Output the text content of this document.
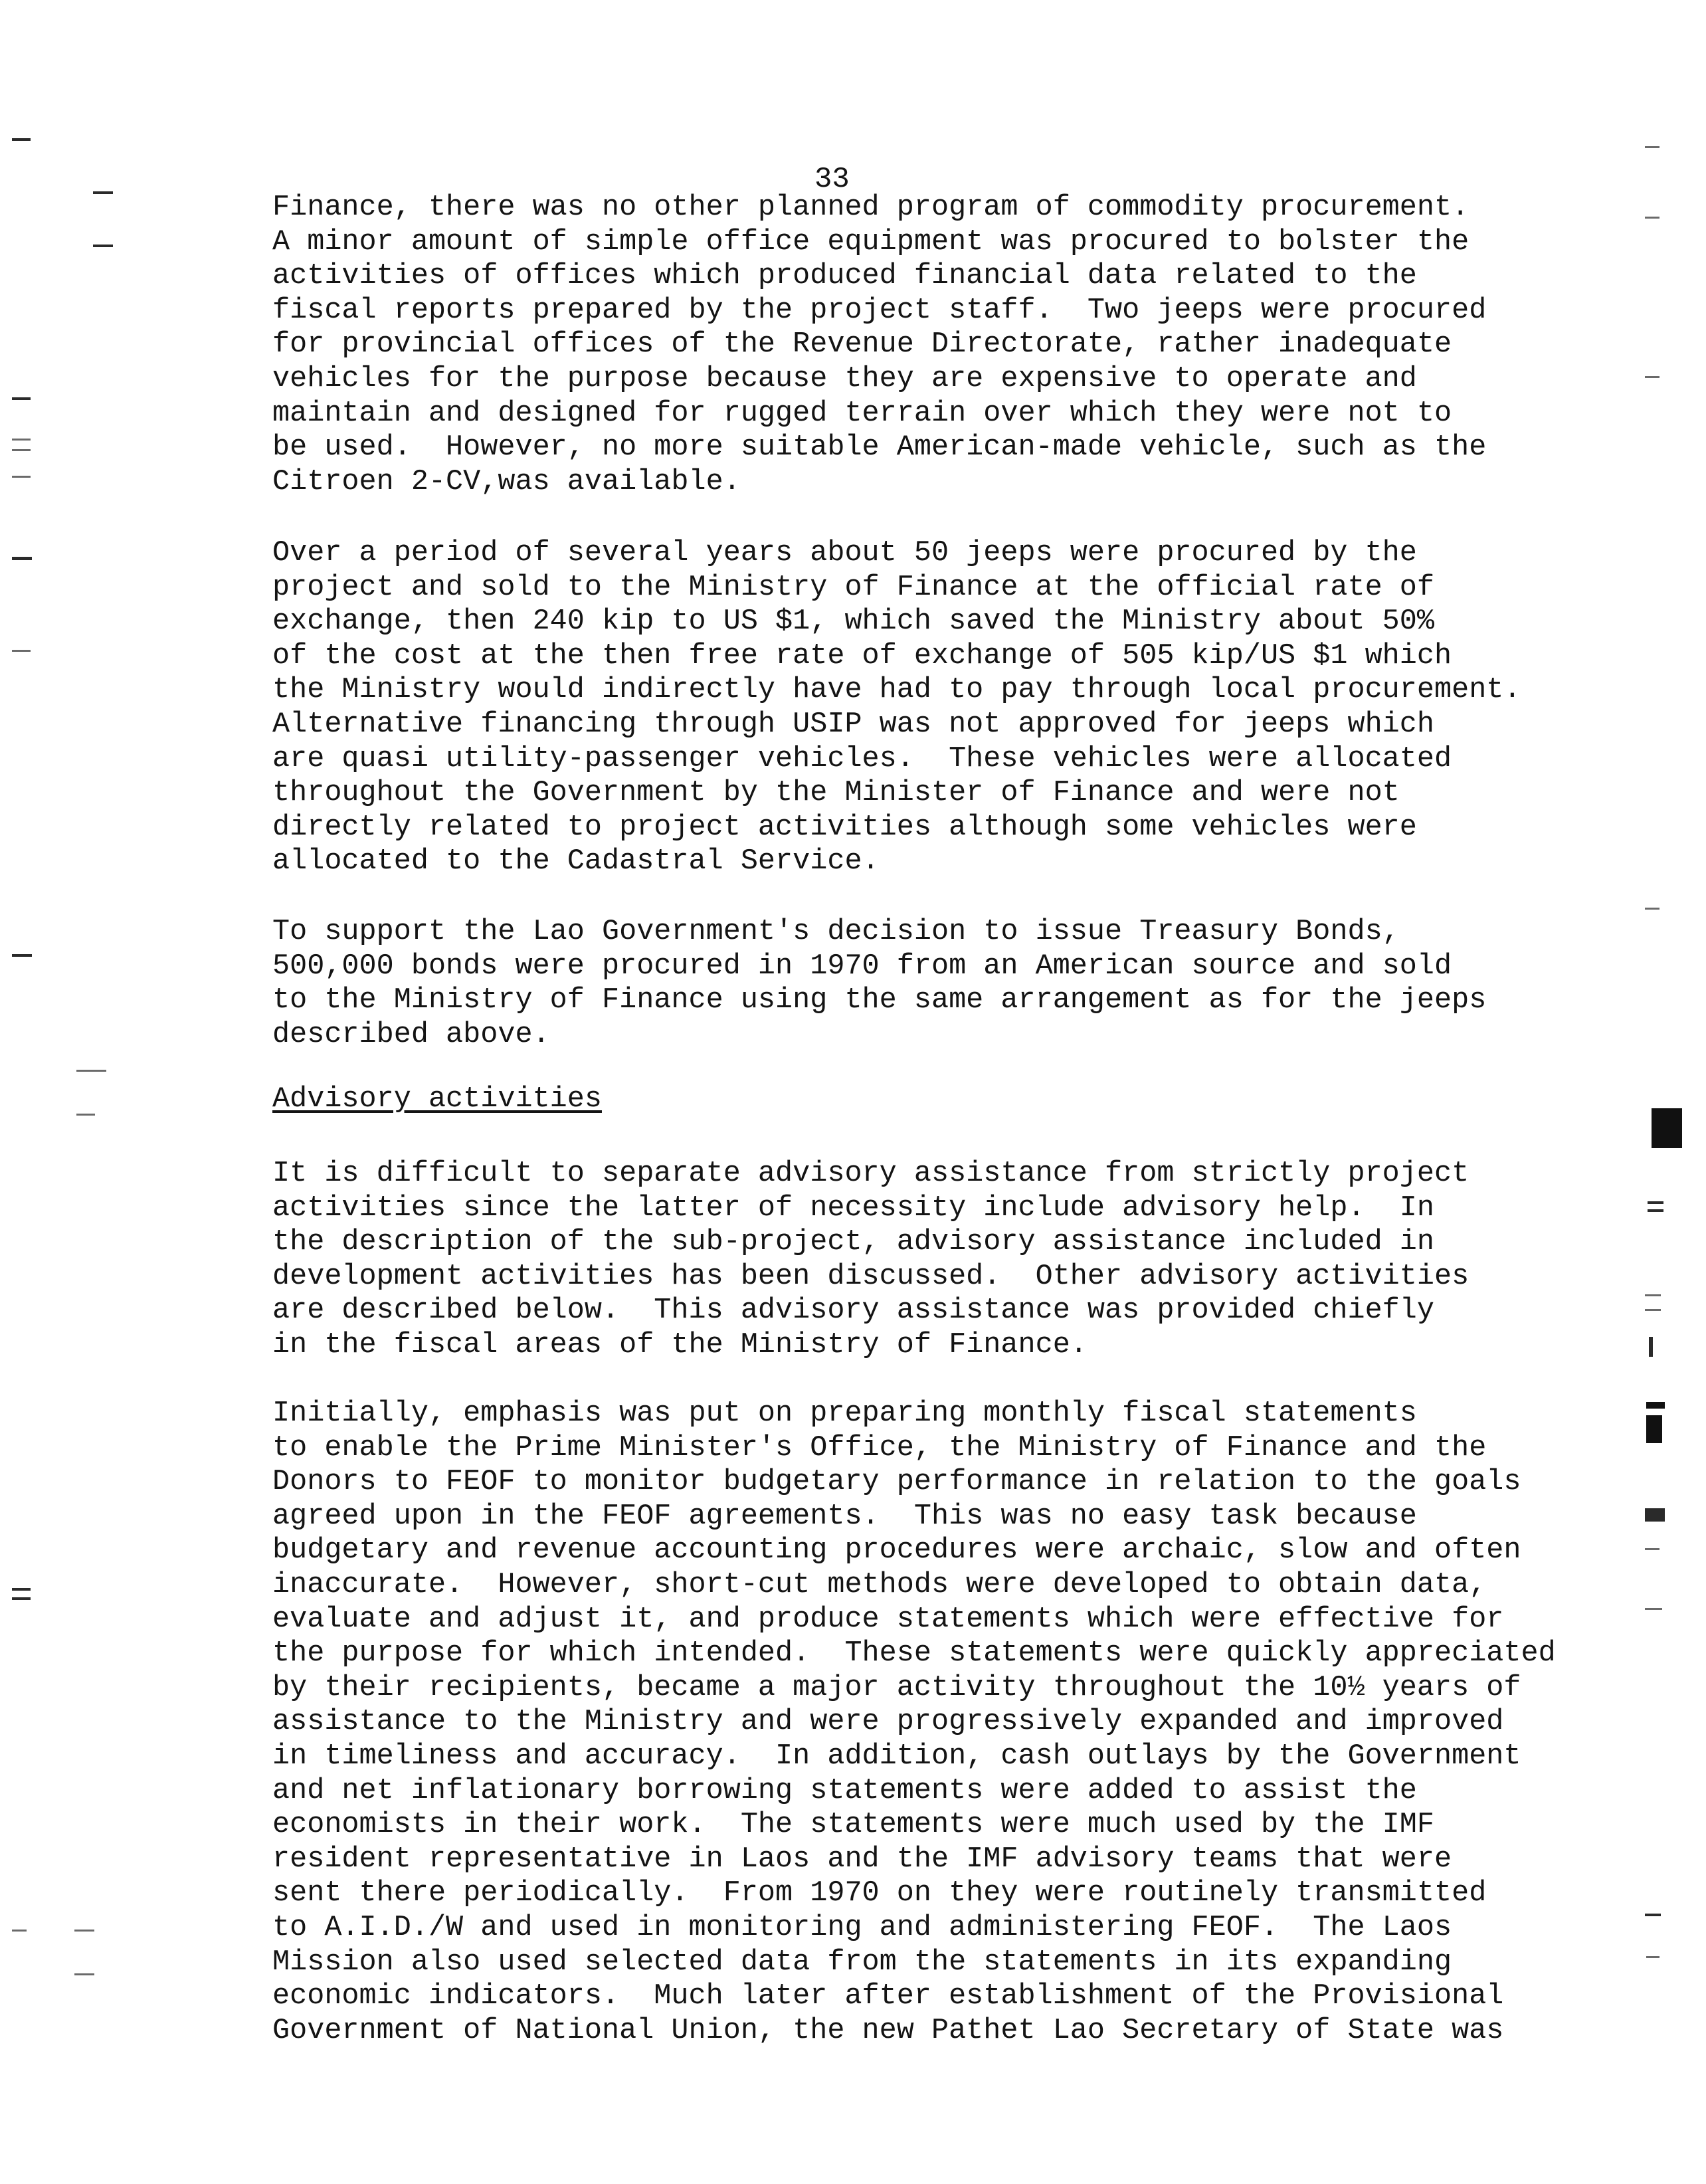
33
Finance, there was no other planned program of commodity procurement.
A minor amount of simple office equipment was procured to bolster the
activities of offices which produced financial data related to the
fiscal reports prepared by the project staff.  Two jeeps were procured
for provincial offices of the Revenue Directorate, rather inadequate
vehicles for the purpose because they are expensive to operate and
maintain and designed for rugged terrain over which they were not to
be used.  However, no more suitable American-made vehicle, such as the
Citroen 2-CV,was available.
Over a period of several years about 50 jeeps were procured by the
project and sold to the Ministry of Finance at the official rate of
exchange, then 240 kip to US $1, which saved the Ministry about 50%
of the cost at the then free rate of exchange of 505 kip/US $1 which
the Ministry would indirectly have had to pay through local procurement.
Alternative financing through USIP was not approved for jeeps which
are quasi utility-passenger vehicles.  These vehicles were allocated
throughout the Government by the Minister of Finance and were not
directly related to project activities although some vehicles were
allocated to the Cadastral Service.
To support the Lao Government's decision to issue Treasury Bonds,
500,000 bonds were procured in 1970 from an American source and sold
to the Ministry of Finance using the same arrangement as for the jeeps
described above.
Advisory activities
It is difficult to separate advisory assistance from strictly project
activities since the latter of necessity include advisory help.  In
the description of the sub-project, advisory assistance included in
development activities has been discussed.  Other advisory activities
are described below.  This advisory assistance was provided chiefly
in the fiscal areas of the Ministry of Finance.
Initially, emphasis was put on preparing monthly fiscal statements
to enable the Prime Minister's Office, the Ministry of Finance and the
Donors to FEOF to monitor budgetary performance in relation to the goals
agreed upon in the FEOF agreements.  This was no easy task because
budgetary and revenue accounting procedures were archaic, slow and often
inaccurate.  However, short-cut methods were developed to obtain data,
evaluate and adjust it, and produce statements which were effective for
the purpose for which intended.  These statements were quickly appreciated
by their recipients, became a major activity throughout the 10½ years of
assistance to the Ministry and were progressively expanded and improved
in timeliness and accuracy.  In addition, cash outlays by the Government
and net inflationary borrowing statements were added to assist the
economists in their work.  The statements were much used by the IMF
resident representative in Laos and the IMF advisory teams that were
sent there periodically.  From 1970 on they were routinely transmitted
to A.I.D./W and used in monitoring and administering FEOF.  The Laos
Mission also used selected data from the statements in its expanding
economic indicators.  Much later after establishment of the Provisional
Government of National Union, the new Pathet Lao Secretary of State was
